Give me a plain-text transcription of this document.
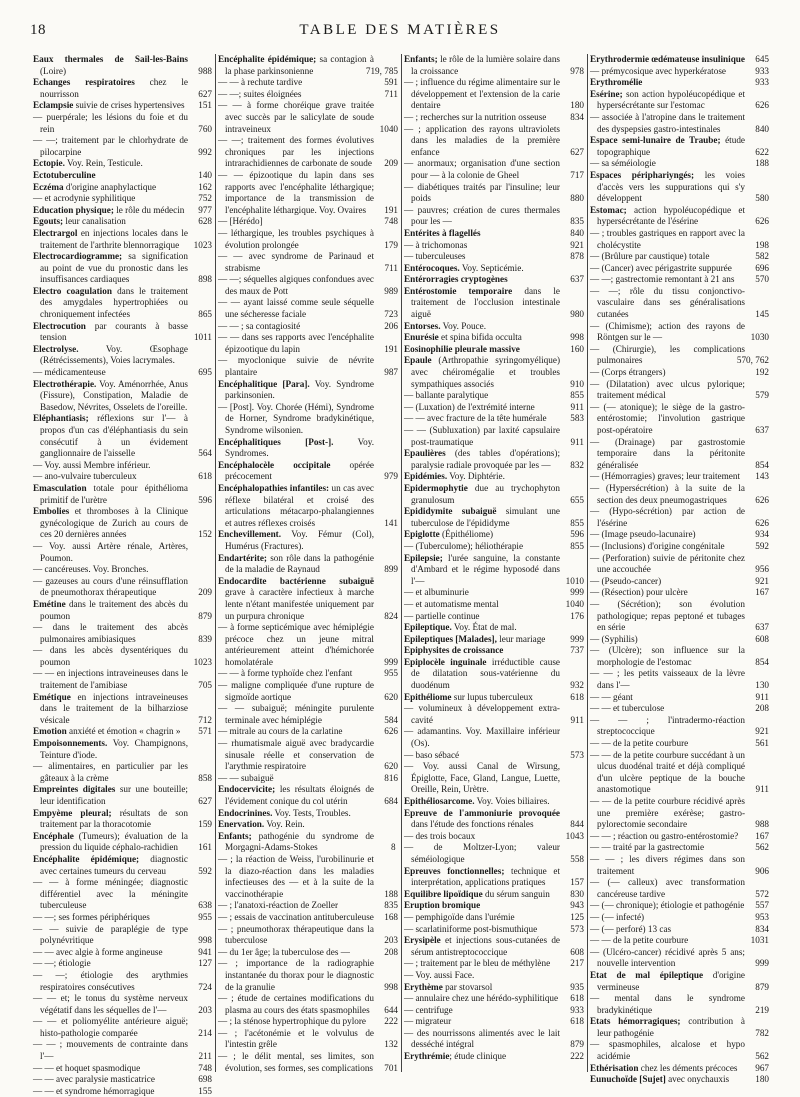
18	TABLE DES MATIÈRES
Eaux thermales de Sail-les-Bains (Loire)	988
Echanges respiratoires chez le nourrisson	627
Eclampsie suivie de crises hypertensives 151
— puerpérale; les lésions du foie et du rein	760
— —; traitement par le chlorhydrate de pilocarpine	992
Ectopie. Voy. Rein, Testicule.
Ectotuberculine	140
Eczéma d'origine anaphylactique	162
— et acrodynie syphilitique	752
Education physique; le rôle du médecin 977
Egouts; leur canalisation	628
Electrargol en injections locales dans le traitement de l'arthrite blennorragique 1023
Electrocardiogramme; sa signification au point de vue du pronostic dans les insuffisances cardiaques	898
Electro coagulation dans le traitement des amygdales hypertrophiées ou chroniquement infectées	865
Electrocution par courants à basse tension	1011
Electrolyse. Voy. Œsophage (Rétrécissements), Voies lacrymales.
— médicamenteuse	695
Electrothérapie. Voy. Aménorrhée, Anus (Fissure), Constipation, Maladie de Basedow, Névrites, Osselets de l'oreille.
Eléphantiasis; réflexions sur l'— à propos d'un cas d'éléphantiasis du sein consécutif à un évidement ganglionnaire de l'aisselle	564
— Voy. aussi Membre inférieur.
— ano-vulvaire tuberculeux	618
Emasculation totale pour épithélioma primitif de l'urètre	596
Embolies et thromboses à la Clinique gynécologique de Zurich au cours de ces 20 dernières années	152
— Voy. aussi Artère rénale, Artères, Poumon.
— cancéreuses. Voy. Bronches.
— gazeuses au cours d'une réinsufflation de pneumothorax thérapeutique	209
Emétine dans le traitement des abcès du poumon	879
— dans le traitement des abcès pulmonaires amibiasiques	839
— dans les abcès dysentériques du poumon	1023
— — en injections intraveineuses dans le traitement de l'amibiase	705
Emétique en injections intraveineuses dans le traitement de la bilharziose vésicale	712
Emotion anxiété et émotion « chagrin » 571
Empoisonnements. Voy. Champignons, Teinture d'iode.
— alimentaires, en particulier par les gâteaux à la crème	858
Empreintes digitales sur une bouteille; leur identification	627
Empyème pleural; résultats de son traitement par la thoracotomie	159
Encéphale (Tumeurs); évaluation de la pression du liquide céphalo-rachidien 161
Encéphalite épidémique; diagnostic avec certaines tumeurs du cerveau	592
— — à forme méningée; diagnostic différentiel avec la méningite tuberculeuse	638
— —; ses formes périphériques	955
— — suivie de paraplégie de type polynévritique	998
— — avec algie à forme angineuse	941
— —; étiologie	127
— —; étiologie des arythmies respiratoires consécutives	724
— — et; le tonus du système nerveux végétatif dans les séquelles de l'—	203
— — et poliomyélite antérieure aiguë; histo-pathologie comparée	214
— — ; mouvements de contrainte dans l'—	211
— — et hoquet spasmodique	748
— — avec paralysie masticatrice	698
— — et syndrome hémorragique	155
Encéphalite épidémique; sa contagion à la phase parkinsonienne	719, 785
— — à rechute tardive	591
— —; suites éloignées	711
— — à forme choréique grave traitée avec succès par le salicylate de soude intraveineux	1040
— —; traitement des formes évolutives chroniques par les injections intrarachidiennes de carbonate de soude 209
— — épizootique du lapin dans ses rapports avec l'encéphalite léthargique; importance de la transmission de l'encéphalite léthargique. Voy. Ovaires 191
— [Hérédo]	748
— léthargique, les troubles psychiques à évolution prolongée	179
— — avec syndrome de Parinaud et strabisme	711
— —; séquelles algiques confondues avec des maux de Pott	989
— — ayant laissé comme seule séquelle une sécheresse faciale	723
— — ; sa contagiosité	206
— — dans ses rapports avec l'encéphalite épizootique du lapin	191
— myoclonique suivie de névrite plantaire	987
Encéphalitique [Para]. Voy. Syndrome parkinsonien.
— [Post]. Voy. Chorée (Hémi), Syndrome de Horner, Syndrome bradykinétique, Syndrome wilsonien.
Encéphalitiques [Post-]. Voy. Syndromes.
Encéphalocèle occipitale opérée précocement	979
Encéphalopathies infantiles: un cas avec réflexe bilatéral et croisé des articulations métacarpo-phalangiennes et autres réflexes croisés	141
Enchevillement. Voy. Fémur (Col), Humérus (Fractures).
Endartérite; son rôle dans la pathogénie de la maladie de Raynaud	899
Endocardite bactérienne subaiguë grave à caractère infectieux à marche lente n'étant manifestée uniquement par un purpura chronique	824
— à forme septicémique avec hémiplégie précoce chez un jeune mitral antérieurement atteint d'hémichorée homolatérale	999
— — à forme typhoïde chez l'enfant	955
— maligne compliquée d'une rupture de sigmoïde aortique	620
— — subaiguë; méningite purulente terminale avec hémiplégie	584
— mitrale au cours de la carlatine	626
— rhumatismale aiguë avec bradycardie sinusale réelle et conservation de l'arythmie respiratoire	620
— — subaiguë	816
Endocervicite; les résultats éloignés de l'évidement conique du col utérin	684
Endocrinines. Voy. Tests, Troubles.
Enervation. Voy. Rein.
Enfants; pathogénie du syndrome de Morgagni-Adams-Stokes	8
— ; la réaction de Weiss, l'urobilinurie et la diazo-réaction dans les maladies infectieuses des — et à la suite de la vaccinothérapie	188
— ; l'anatoxi-réaction de Zoeller	835
— ; essais de vaccination antituberculeuse 168
— ; pneumothorax thérapeutique dans la tuberculose	203
— du 1er âge; la tuberculose des —	208
— ; importance de la radiographie instantanée du thorax pour le diagnostic de la granulie	998
— ; étude de certaines modifications du plasma au cours des états spasmophiles 644
— ; la sténose hypertrophique du pylore 222
— ; l'acétonémie et le volvulus de l'intestin grêle	132
— ; le délit mental, ses limites, son évolution, ses formes, ses complications 701
Enfants; le rôle de la lumière solaire dans la croissance	978
— ; influence du régime alimentaire sur le développement et l'extension de la carie dentaire	180
— ; recherches sur la nutrition osseuse	834
— ; application des rayons ultraviolets dans les maladies de la première enfance	627
— anormaux; organisation d'une section pour — à la colonie de Gheel	717
— diabétiques traités par l'insuline; leur poids	880
— pauvres; création de cures thermales pour les —	835
Entérites à flagellés	840
— à trichomonas	921
— tuberculeuses	878
Entérocoques. Voy. Septicémie.
Entérorragies cryptogènes	637
Entérostomie temporaire dans le traitement de l'occlusion intestinale aiguë	980
Entorses. Voy. Pouce.
Enurésie et spina bifida occulta	998
Eosinophilie pleurale massive	160
Epaule (Arthropathie syringomyélique) avec chéiromégalie et troubles sympathiques associés	910
— ballante paralytique	855
— (Luxation) de l'extrémité interne	911
— — avec fracture de la tête humérale	583
— — (Subluxation) par laxité capsulaire post-traumatique	911
Epaulières (des tables d'opérations); paralysie radiale provoquée par les — 832
Epidémies. Voy. Diphtérie.
Epidermophytie due au trychophyton granulosum	655
Epididymite subaiguë simulant une tuberculose de l'épididyme	855
Epiglotte (Épithéliome)	596
— (Tuberculome); héliothérapie	855
Epilepsie; l'urée sanguine, la constante d'Ambard et le régime hyposodé dans l'—	1010
— et albuminurie	999
— et automatisme mental	1040
— partielle continue	176
Epileptique. Voy. État de mal.
Epileptiques [Malades], leur mariage	999
Epiphysites de croissance	737
Epiplocèle inguinale irréductible cause de dilatation sous-vatérienne du duodénum	932
Epithéliome sur lupus tuberculeux	618
— volumineux à développement extra-cavité	911
— adamantins. Voy. Maxillaire inférieur (Os).
— baso sébacé	573
— Voy. aussi Canal de Wirsung, Épiglotte, Face, Gland, Langue, Luette, Oreille, Rein, Urètre.
Epithéliosarcome. Voy. Voies biliaires.
Epreuve de l'ammoniurie provoquée dans l'étude des fonctions rénales	844
— des trois bocaux	1043
— de Moltzer-Lyon; valeur séméiologique	558
Epreuves fonctionnelles; technique et interprétation, applications pratiques	157
Equilibre lipoïdique du sérum sanguin 830
Eruption bromique	943
— pemphigoïde dans l'urémie	125
— scarlatiniforme post-bismuthique	573
Erysipèle et injections sous-cutanées de sérum antistreptococcique	608
— ; traitement par le bleu de méthylène 217
— Voy. aussi Face.
Erythème par stovarsol	935
— annulaire chez une hérédo-syphilitique 618
— centrifuge	933
— migrateur	618
— des nourrissons alimentés avec le lait desséché intégral	879
Erythrémie; étude clinique	222
Erythrodermie œdémateuse insulinique 645
— prémycosique avec hyperkératose	933
Erythromélie	933
Esérine; son action hypoléucopédique et hypersécrétante sur l'estomac	626
— associée à l'atropine dans le traitement des dyspepsies gastro-intestinales	840
Espace semi-lunaire de Traube; étude topographique	622
— sa séméiologie	188
Espaces périphariyngés; les voies d'accès vers les suppurations qui s'y développent	580
Estomac; action hypoléucopédique et hypersécrétante de l'ésérine	626
— ; troubles gastriques en rapport avec la cholécystite	198
— (Brûlure par caustique) totale	582
— (Cancer) avec périgastrite suppurée	696
— —; gastrectomie remontant à 21 ans 570
— —; rôle du tissu conjonctivo-vasculaire dans ses généralisations cutanées	145
— (Chimisme); action des rayons de Röntgen sur le —	1030
— (Chirurgie), les complications pulmonaires	570, 762
— (Corps étrangers)	192
— (Dilatation) avec ulcus pylorique; traitement médical	579
— (— atonique); le siège de la gastro-entérostomie; l'involution gastrique post-opératoire	637
— (Drainage) par gastrostomie temporaire dans la péritonite généralisée	854
— (Hémorragies) graves; leur traitement 143
— (Hypersécrétion) à la suite de la section des deux pneumogastriques	626
— (Hypo-sécrétion) par action de l'ésérine	626
— (Image pseudo-lacunaire)	934
— (Inclusions) d'origine congénitale	592
— (Perforation) suivie de péritonite chez une accouchée	956
— (Pseudo-cancer)	921
— (Résection) pour ulcère	167
— (Sécrétion); son évolution pathologique; repas peptoné et tubages en série	637
— (Syphilis)	608
— (Ulcère); son influence sur la morphologie de l'estomac	854
— — ; les petits vaisseaux de la lèvre dans l'—	130
— — géant	911
— — et tuberculose	208
— — ; l'intradermo-réaction streptococcique	921
— — de la petite courbure	561
— — de la petite courbure succédant à un ulcus duodénal traité et déjà compliqué d'un ulcère peptique de la bouche anastomotique	911
— — de la petite courbure récidivé après une première exérèse; gastro-pylorectomie secondaire	988
— — ; réaction ou gastro-entérostomie? 167
— — traité par la gastrectomie	562
— — ; les divers régimes dans son traitement	906
— (— calleux) avec transformation cancéreuse tardive	572
— (— chronique); étiologie et pathogénie 557
— (— infecté)	953
— (— perforé) 13 cas	834
— — de la petite courbure	1031
— (Ulcéro-cancer) récidivé après 5 ans; nouvelle intervention	999
Etat de mal épileptique d'origine vermineuse	879
— mental dans le syndrome bradykinétique	219
Etats hémorragiques; contribution à leur pathogénie	782
— spasmophiles, alcalose et hypo acidémie	562
Ethérisation chez les déments précoces 967
Eunuchoïde [Sujet] avec onychauxis	180
